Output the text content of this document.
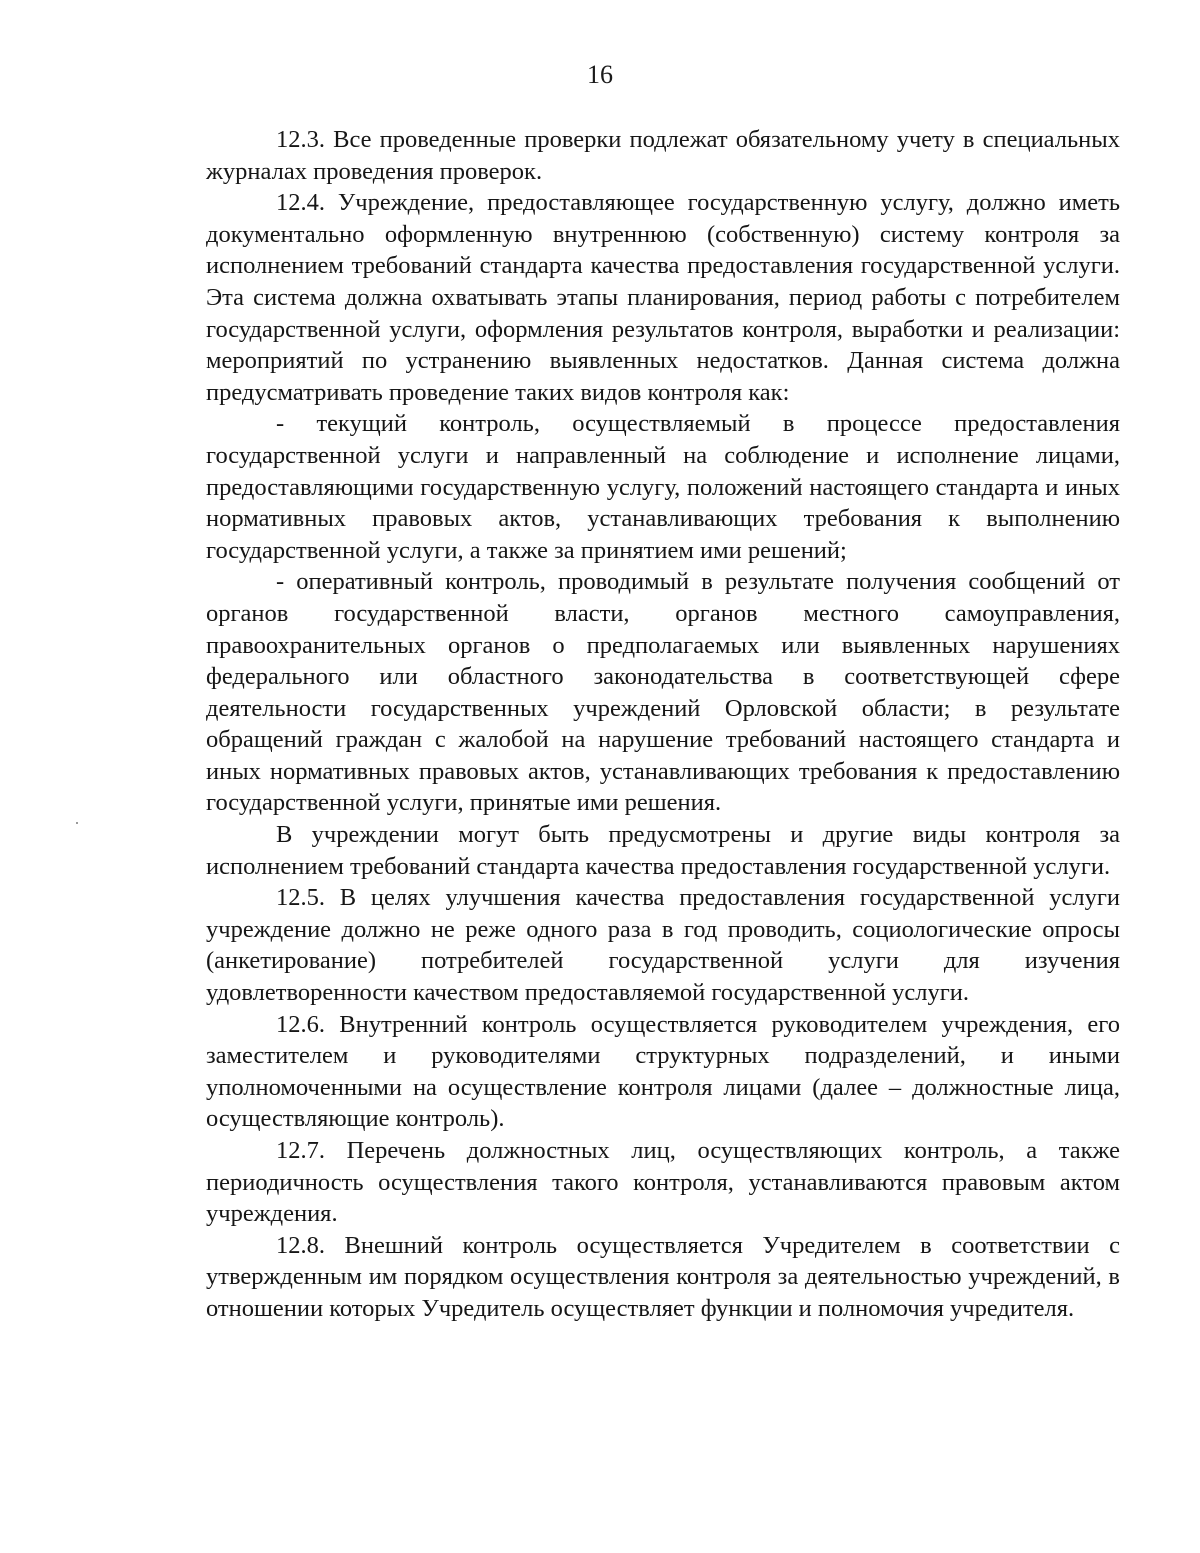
16

12.3. Все проведенные проверки подлежат обязательному учету в специальных журналах проведения проверок.

12.4. Учреждение, предоставляющее государственную услугу, должно иметь документально оформленную внутреннюю (собственную) систему контроля за исполнением требований стандарта качества предоставления государственной услуги. Эта система должна охватывать этапы планирования, период работы с потребителем государственной услуги, оформления результатов контроля, выработки и реализации: мероприятий по устранению выявленных недостатков. Данная система должна предусматривать проведение таких видов контроля как:

- текущий контроль, осуществляемый в процессе предоставления государственной услуги и направленный на соблюдение и исполнение лицами, предоставляющими государственную услугу, положений настоящего стандарта и иных нормативных правовых актов, устанавливающих требования к выполнению государственной услуги, а также за принятием ими решений;

- оперативный контроль, проводимый в результате получения сообщений от органов государственной власти, органов местного самоуправления, правоохранительных органов о предполагаемых или выявленных нарушениях федерального или областного законодательства в соответствующей сфере деятельности государственных учреждений Орловской области; в результате обращений граждан с жалобой на нарушение требований настоящего стандарта и иных нормативных правовых актов, устанавливающих требования к предоставлению государственной услуги, принятые ими решения.

В учреждении могут быть предусмотрены и другие виды контроля за исполнением требований стандарта качества предоставления государственной услуги.

12.5. В целях улучшения качества предоставления государственной услуги учреждение должно не реже одного раза в год проводить, социологические опросы (анкетирование) потребителей государственной услуги для изучения удовлетворенности качеством предоставляемой государственной услуги.

12.6. Внутренний контроль осуществляется руководителем учреждения, его заместителем и руководителями структурных подразделений, и иными уполномоченными на осуществление контроля лицами (далее – должностные лица, осуществляющие контроль).

12.7. Перечень должностных лиц, осуществляющих контроль, а также периодичность осуществления такого контроля, устанавливаются правовым актом учреждения.

12.8. Внешний контроль осуществляется Учредителем в соответствии с утвержденным им порядком осуществления контроля за деятельностью учреждений, в отношении которых Учредитель осуществляет функции и полномочия учредителя.
